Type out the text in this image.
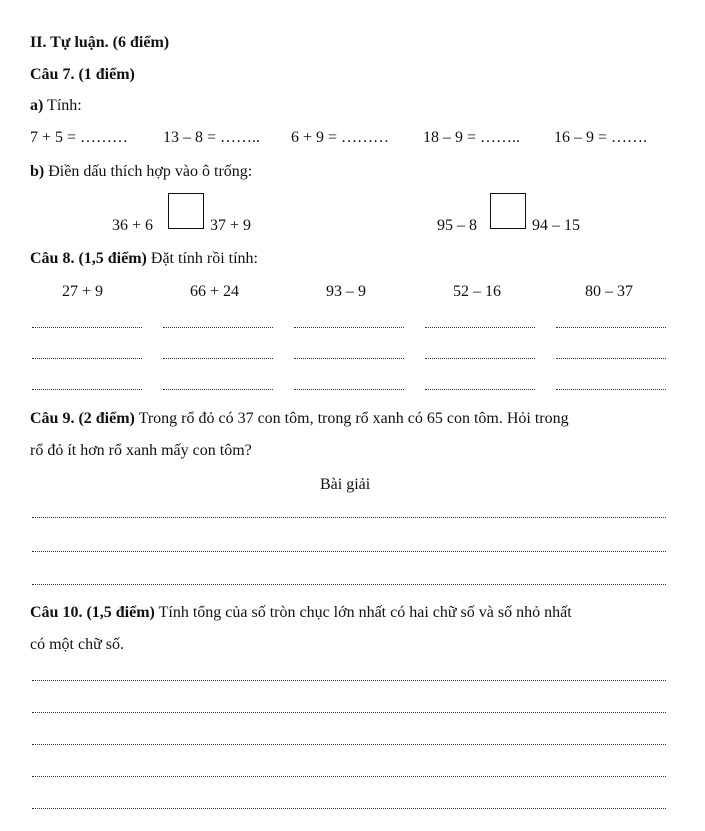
II. Tự luận. (6 điểm)
Câu 7. (1 điểm)
a) Tính:
7 + 5 = ……… 13 – 8 = …….. 6 + 9 = ……… 18 – 9 = …….. 16 – 9 = …….
b) Điền dấu thích hợp vào ô trống:
36 + 6	37 + 9	95 – 8	94 – 15
Câu 8. (1,5 điểm) Đặt tính rồi tính:
27 + 9	66 + 24	93 – 9	52 – 16	80 – 37
Câu 9. (2 điểm) Trong rổ đỏ có 37 con tôm, trong rổ xanh có 65 con tôm. Hỏi trong
rổ đỏ ít hơn rổ xanh mấy con tôm?
Bài giải
Câu 10. (1,5 điểm) Tính tổng của số tròn chục lớn nhất có hai chữ số và số nhỏ nhất
có một chữ số.
